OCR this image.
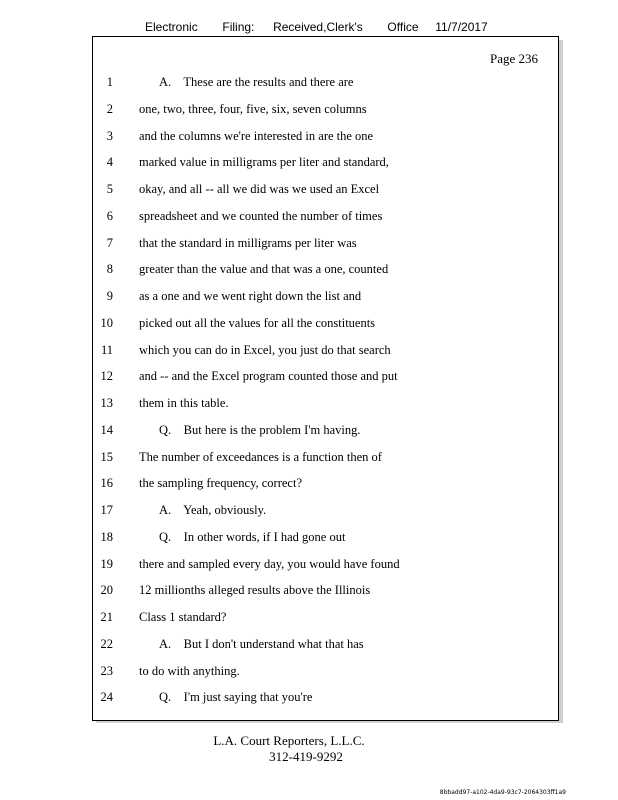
Electronic Filing: Received,Clerk's Office 11/7/2017
Page 236
1	A.    These are the results and there are
2 one, two, three, four, five, six, seven columns
3 and the columns we're interested in are the one
4 marked value in milligrams per liter and standard,
5 okay, and all -- all we did was we used an Excel
6 spreadsheet and we counted the number of times
7 that the standard in milligrams per liter was
8 greater than the value and that was a one, counted
9 as a one and we went right down the list and
10 picked out all the values for all the constituents
11 which you can do in Excel, you just do that search
12 and -- and the Excel program counted those and put
13 them in this table.
14	Q.    But here is the problem I'm having.
15 The number of exceedances is a function then of
16 the sampling frequency, correct?
17	A.    Yeah, obviously.
18	Q.    In other words, if I had gone out
19 there and sampled every day, you would have found
20 12 millionths alleged results above the Illinois
21 Class 1 standard?
22	A.    But I don't understand what that has
23 to do with anything.
24	Q.    I'm just saying that you're
L.A. Court Reporters, L.L.C.
312-419-9292
8bbadd97-a102-4da9-93c7-2064303ff1a9
